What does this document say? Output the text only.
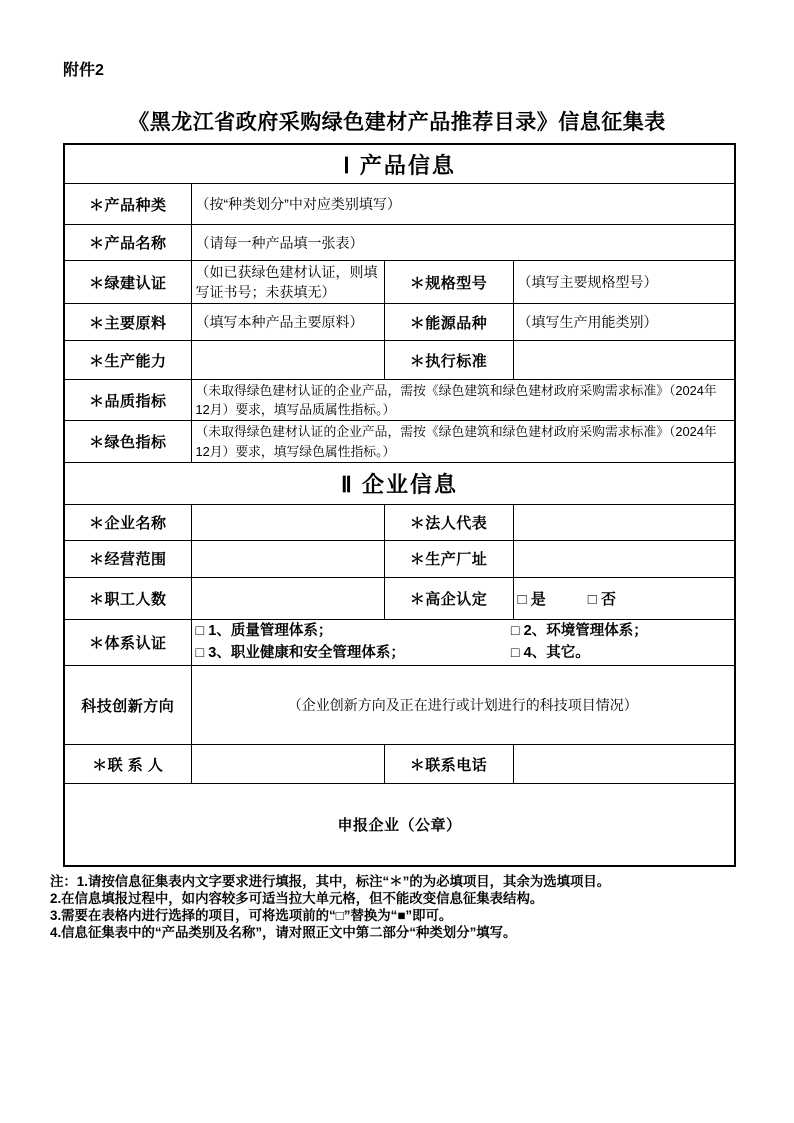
附件2
《黑龙江省政府采购绿色建材产品推荐目录》信息征集表
Ⅰ 产品信息			
＊产品种类	（按“种类划分”中对应类别填写）		
＊产品名称	（请每一种产品填一张表）		
＊绿建认证	（如已获绿色建材认证，则填写证书号；未获填无）	＊规格型号	（填写主要规格型号）
＊主要原料	（填写本种产品主要原料）	＊能源品种	（填写生产用能类别）
＊生产能力		＊执行标准	
＊品质指标	（未取得绿色建材认证的企业产品，需按《绿色建筑和绿色建材政府采购需求标准》（2024年12月）要求，填写品质属性指标。）		
＊绿色指标	（未取得绿色建材认证的企业产品，需按《绿色建筑和绿色建材政府采购需求标准》（2024年12月）要求，填写绿色属性指标。）		
Ⅱ 企业信息			
＊企业名称		＊法人代表	
＊经营范围		＊生产厂址	
＊职工人数		＊高企认定	□ 是 □ 否
＊体系认证	□ 1、质量管理体系； □ 2、环境管理体系；
□ 3、职业健康和安全管理体系； □ 4、其它。		

科技创新方向	（企业创新方向及正在进行或计划进行的科技项目情况）		
＊联 系 人		＊联系电话	
申报企业（公章）			
注：1.请按信息征集表内文字要求进行填报，其中，标注“＊”的为必填项目，其余为选填项目。
2.在信息填报过程中，如内容较多可适当拉大单元格，但不能改变信息征集表结构。
3.需要在表格内进行选择的项目，可将选项前的“□”替换为“■”即可。
4.信息征集表中的“产品类别及名称”，请对照正文中第二部分“种类划分”填写。
